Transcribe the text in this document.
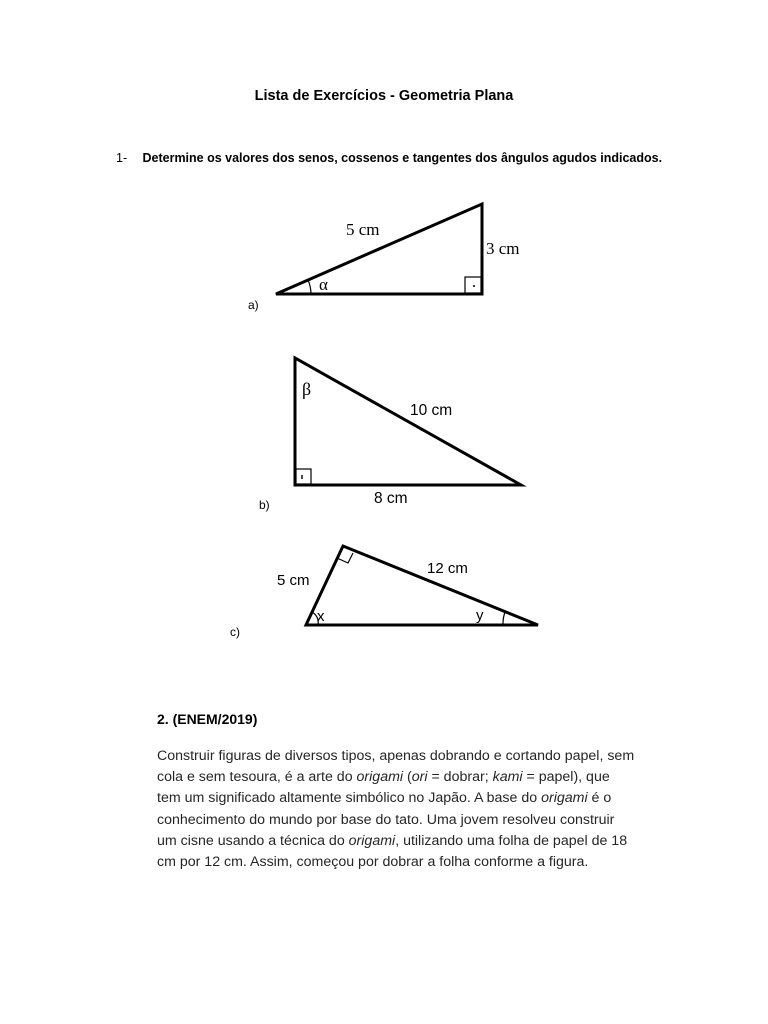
Lista de Exercícios - Geometria Plana
1- Determine os valores dos senos, cossenos e tangentes dos ângulos agudos indicados.
5 cm
3 cm
α
a)
β
10 cm
8 cm
b)
5 cm
12 cm
x	y
c)
2. (ENEM/2019)
Construir figuras de diversos tipos, apenas dobrando e cortando papel, sem
cola e sem tesoura, é a arte do origami (ori = dobrar; kami = papel), que
tem um significado altamente simbólico no Japão. A base do origami é o
conhecimento do mundo por base do tato. Uma jovem resolveu construir
um cisne usando a técnica do origami, utilizando uma folha de papel de 18
cm por 12 cm. Assim, começou por dobrar a folha conforme a figura.
